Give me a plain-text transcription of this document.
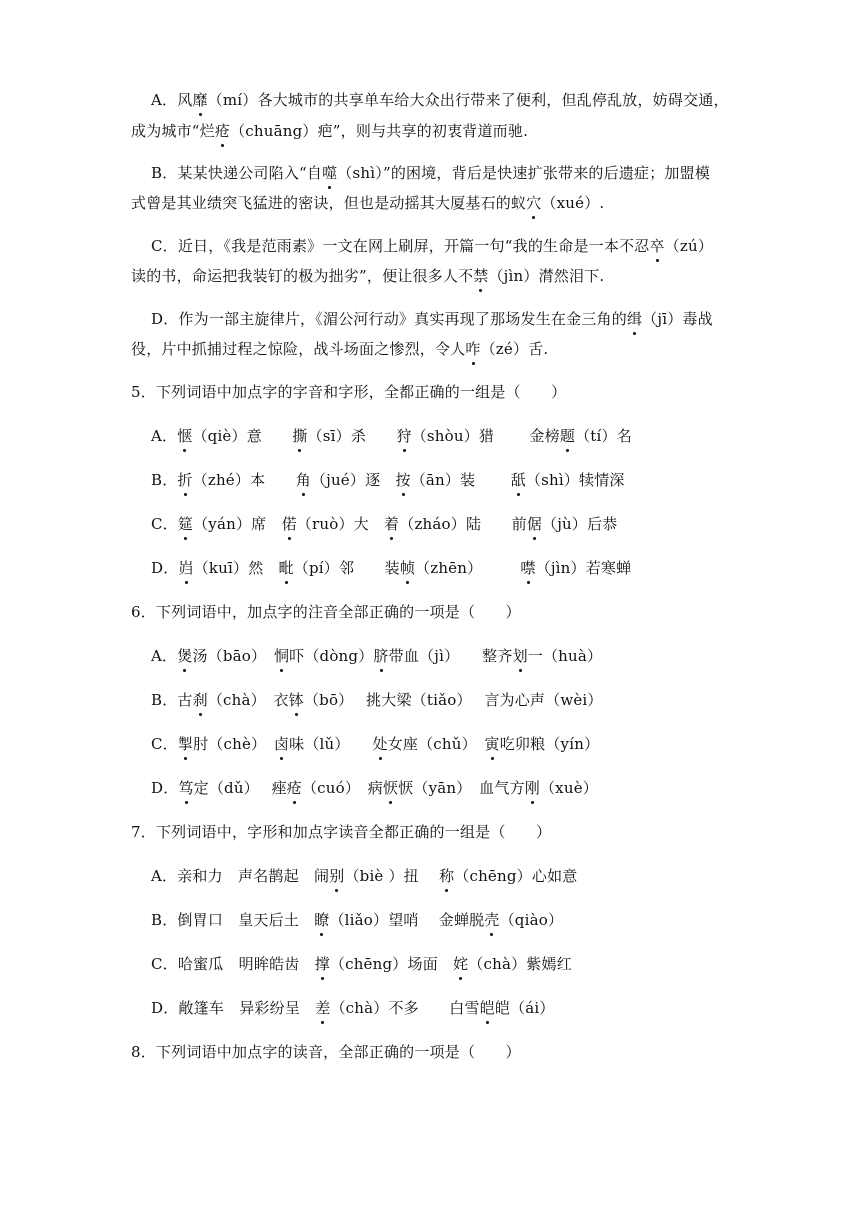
A．风靡（mí）各大城市的共享单车给大众出行带来了便利，但乱停乱放，妨碍交通，
成为城市“烂疮（chuāng）疤”，则与共享的初衷背道而驰.
B．某某快递公司陷入“自噬（shì）”的困境，背后是快速扩张带来的后遗症；加盟模
式曾是其业绩突飞猛进的密诀，但也是动摇其大厦基石的蚁穴（xué）.
C．近日，《我是范雨素》一文在网上刷屏，开篇一句“我的生命是一本不忍卒（zú）
读的书，命运把我装钉的极为拙劣”，便让很多人不禁（jìn）潸然泪下.
D．作为一部主旋律片，《湄公河行动》真实再现了那场发生在金三角的缉（jī）毒战
役，片中抓捕过程之惊险，战斗场面之惨烈，令人咋（zé）舌.
5．下列词语中加点字的字音和字形，全都正确的一组是（　　）
A．惬（qiè）意　　撕（sī）杀　　狩（shòu）猎　　 金榜题（tí）名
B．折（zhé）本　　角（jué）逐　按（ān）装　　 舐（shì）犊情深
C．筵（yán）席　偌（ruò）大　着（zháo）陆　　前倨（jù）后恭
D．岿（kuī）然　毗（pí）邻　　装帧（zhēn）　　　噤（jìn）若寒蝉
6．下列词语中，加点字的注音全部正确的一项是（　　）
A．煲汤（bāo）　恫吓（dòng）脐带血（jì）　　整齐划一（huà）
B．古刹（chà）　衣钵（bō）　 挑大梁（tiǎo）　 言为心声（wèi）
C．掣肘（chè）　卤味（lǔ）　　处女座（chǔ）　寅吃卯粮（yín）
D．笃定（dǔ）　 痤疮（cuó）　病恹恹（yān）　血气方刚（xuè）
7．下列词语中，字形和加点字读音全都正确的一组是（　　）
A．亲和力　声名鹊起　闹别（biè ）扭　 称（chēng）心如意
B．倒胃口　皇天后土　瞭（liǎo）望哨　 金蝉脱壳（qiào）
C．哈蜜瓜　明眸皓齿　撑（chēng）场面　姹（chà）紫嫣红
D．敞篷车　异彩纷呈　差（chà）不多　　白雪皑皑（ái）
8．下列词语中加点字的读音，全部正确的一项是（　　）
